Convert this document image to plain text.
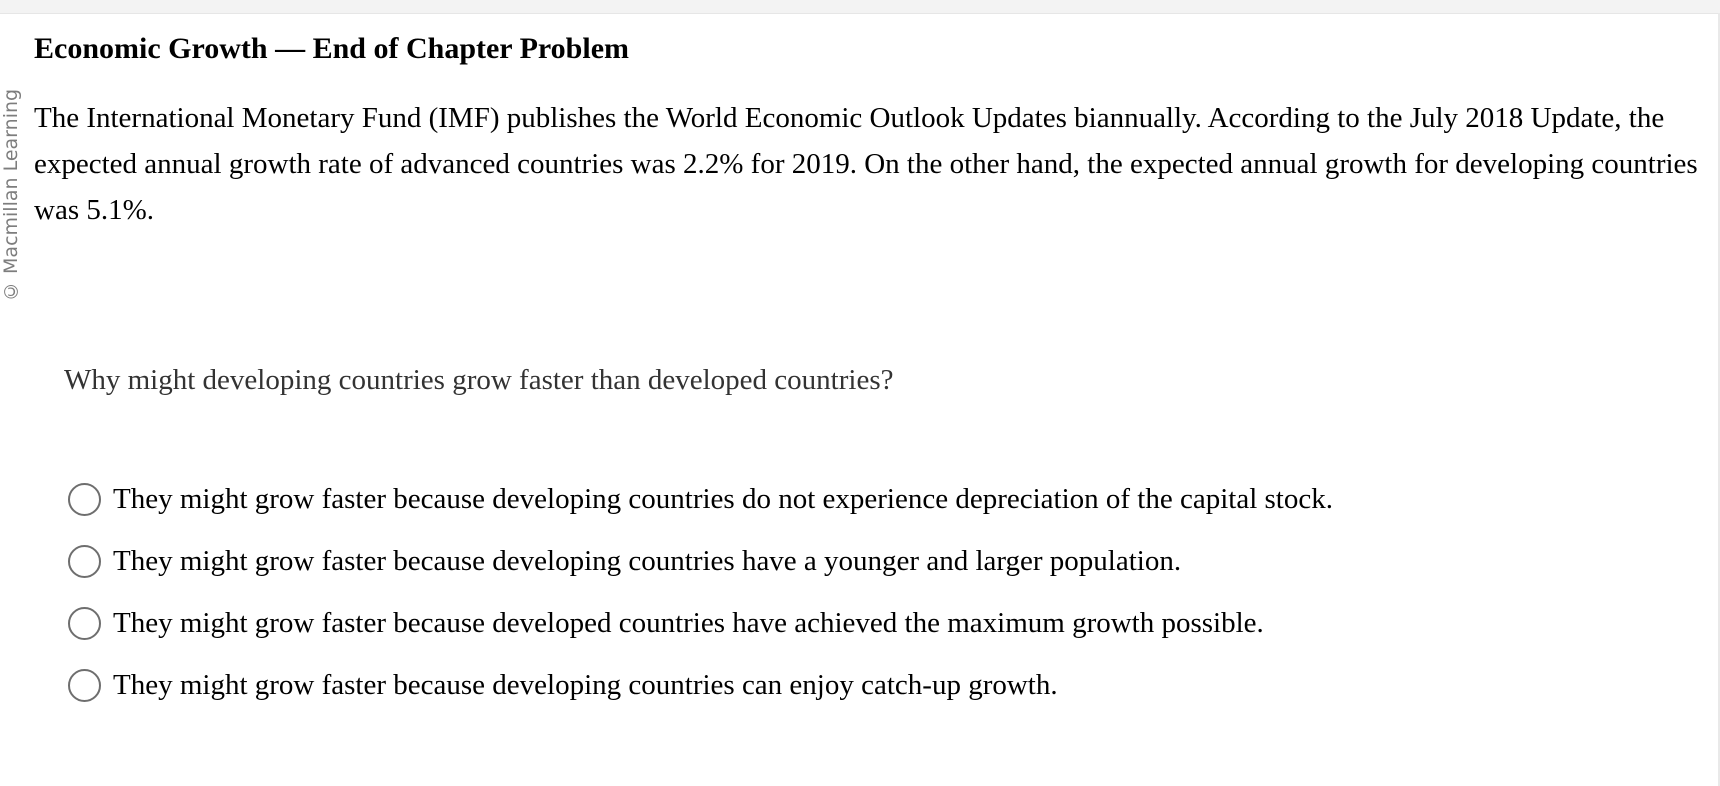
© Macmillan Learning
Economic Growth — End of Chapter Problem

The International Monetary Fund (IMF) publishes the World Economic Outlook Updates biannually. According to the July 2018 Update, the expected annual growth rate of advanced countries was 2.2% for 2019. On the other hand, the expected annual growth for developing countries was 5.1%.

Why might developing countries grow faster than developed countries?

They might grow faster because developing countries do not experience depreciation of the capital stock.
They might grow faster because developing countries have a younger and larger population.
They might grow faster because developed countries have achieved the maximum growth possible.
They might grow faster because developing countries can enjoy catch-up growth.
